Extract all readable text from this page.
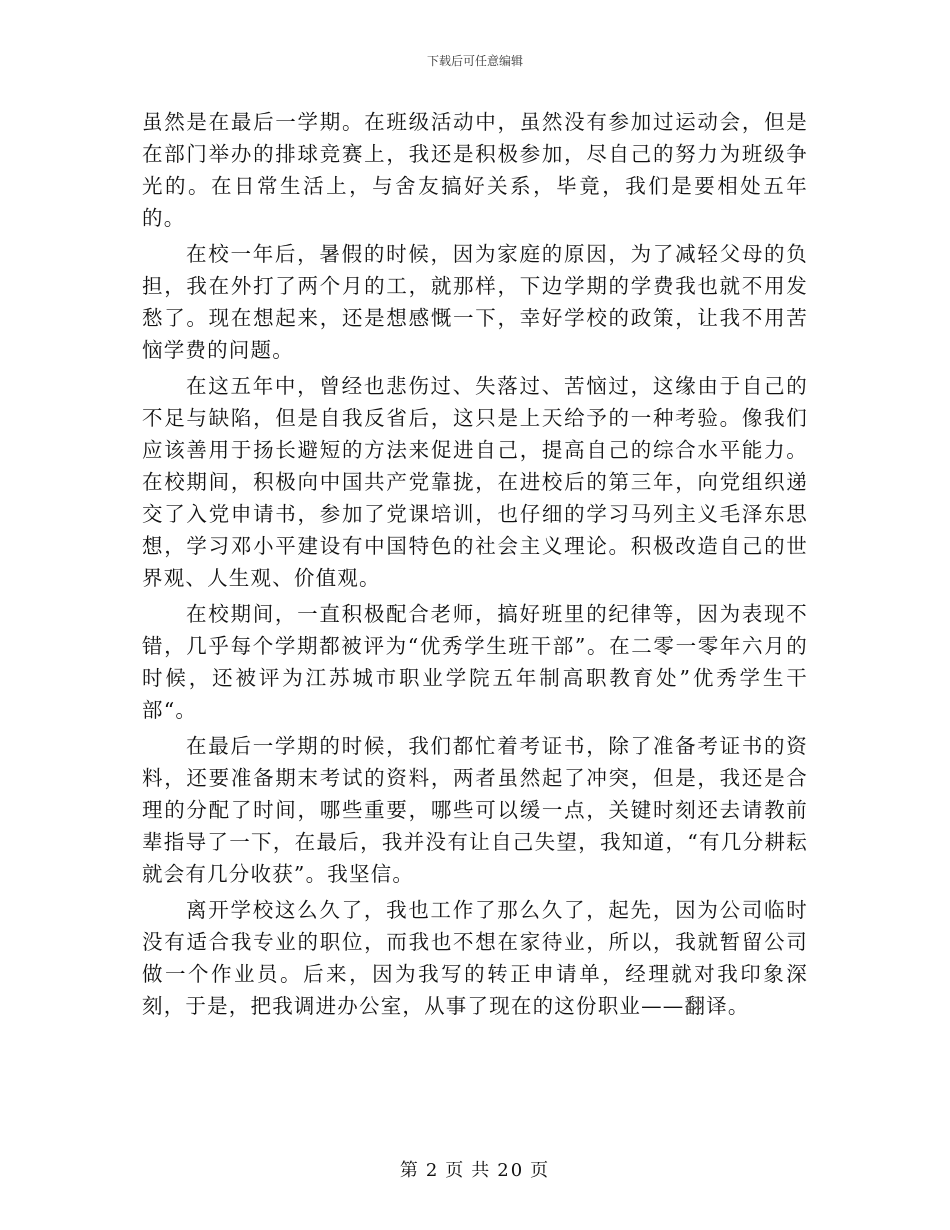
下载后可任意编辑

虽然是在最后一学期。在班级活动中，虽然没有参加过运动会，但是在部门举办的排球竞赛上，我还是积极参加，尽自己的努力为班级争光的。在日常生活上，与舍友搞好关系，毕竟，我们是要相处五年的。

在校一年后，暑假的时候，因为家庭的原因，为了减轻父母的负担，我在外打了两个月的工，就那样，下边学期的学费我也就不用发愁了。现在想起来，还是想感慨一下，幸好学校的政策，让我不用苦恼学费的问题。

在这五年中，曾经也悲伤过、失落过、苦恼过，这缘由于自己的不足与缺陷，但是自我反省后，这只是上天给予的一种考验。像我们应该善用于扬长避短的方法来促进自己，提高自己的综合水平能力。在校期间，积极向中国共产党靠拢，在进校后的第三年，向党组织递交了入党申请书，参加了党课培训，也仔细的学习马列主义毛泽东思想，学习邓小平建设有中国特色的社会主义理论。积极改造自己的世界观、人生观、价值观。

在校期间，一直积极配合老师，搞好班里的纪律等，因为表现不错，几乎每个学期都被评为“优秀学生班干部”。在二零一零年六月的时候，还被评为江苏城市职业学院五年制高职教育处”优秀学生干部“。

在最后一学期的时候，我们都忙着考证书，除了准备考证书的资料，还要准备期末考试的资料，两者虽然起了冲突，但是，我还是合理的分配了时间，哪些重要，哪些可以缓一点，关键时刻还去请教前辈指导了一下，在最后，我并没有让自己失望，我知道，“有几分耕耘就会有几分收获”。我坚信。

离开学校这么久了，我也工作了那么久了，起先，因为公司临时没有适合我专业的职位，而我也不想在家待业，所以，我就暂留公司做一个作业员。后来，因为我写的转正申请单，经理就对我印象深刻，于是，把我调进办公室，从事了现在的这份职业——翻译。

第 2 页 共 20 页
